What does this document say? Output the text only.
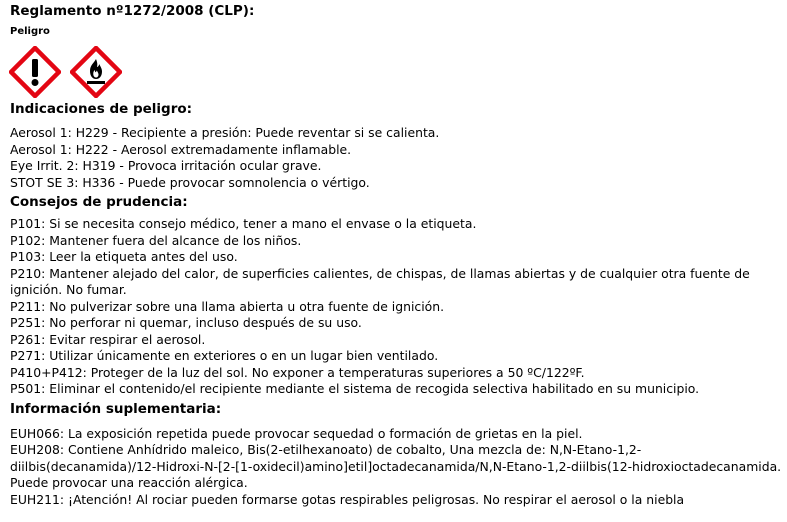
Reglamento nº1272/2008 (CLP):
Peligro
Indicaciones de peligro:
Aerosol 1: H229 - Recipiente a presión: Puede reventar si se calienta.
Aerosol 1: H222 - Aerosol extremadamente inflamable.
Eye Irrit. 2: H319 - Provoca irritación ocular grave.
STOT SE 3: H336 - Puede provocar somnolencia o vértigo.
Consejos de prudencia:
P101: Si se necesita consejo médico, tener a mano el envase o la etiqueta.
P102: Mantener fuera del alcance de los niños.
P103: Leer la etiqueta antes del uso.
P210: Mantener alejado del calor, de superficies calientes, de chispas, de llamas abiertas y de cualquier otra fuente de ignición. No fumar.
P211: No pulverizar sobre una llama abierta u otra fuente de ignición.
P251: No perforar ni quemar, incluso después de su uso.
P261: Evitar respirar el aerosol.
P271: Utilizar únicamente en exteriores o en un lugar bien ventilado.
P410+P412: Proteger de la luz del sol. No exponer a temperaturas superiores a 50 ºC/122ºF.
P501: Eliminar el contenido/el recipiente mediante el sistema de recogida selectiva habilitado en su municipio.
Información suplementaria:
EUH066: La exposición repetida puede provocar sequedad o formación de grietas en la piel.
EUH208: Contiene Anhídrido maleico, Bis(2-etilhexanoato) de cobalto, Una mezcla de: N,N-Etano-1,2-diilbis(decanamida)/12-Hidroxi-N-[2-[1-oxidecil)amino]etil]octadecanamida/N,N-Etano-1,2-diilbis(12-hidroxioctadecanamida. Puede provocar una reacción alérgica.
EUH211: ¡Atención! Al rociar pueden formarse gotas respirables peligrosas. No respirar el aerosol o la niebla
